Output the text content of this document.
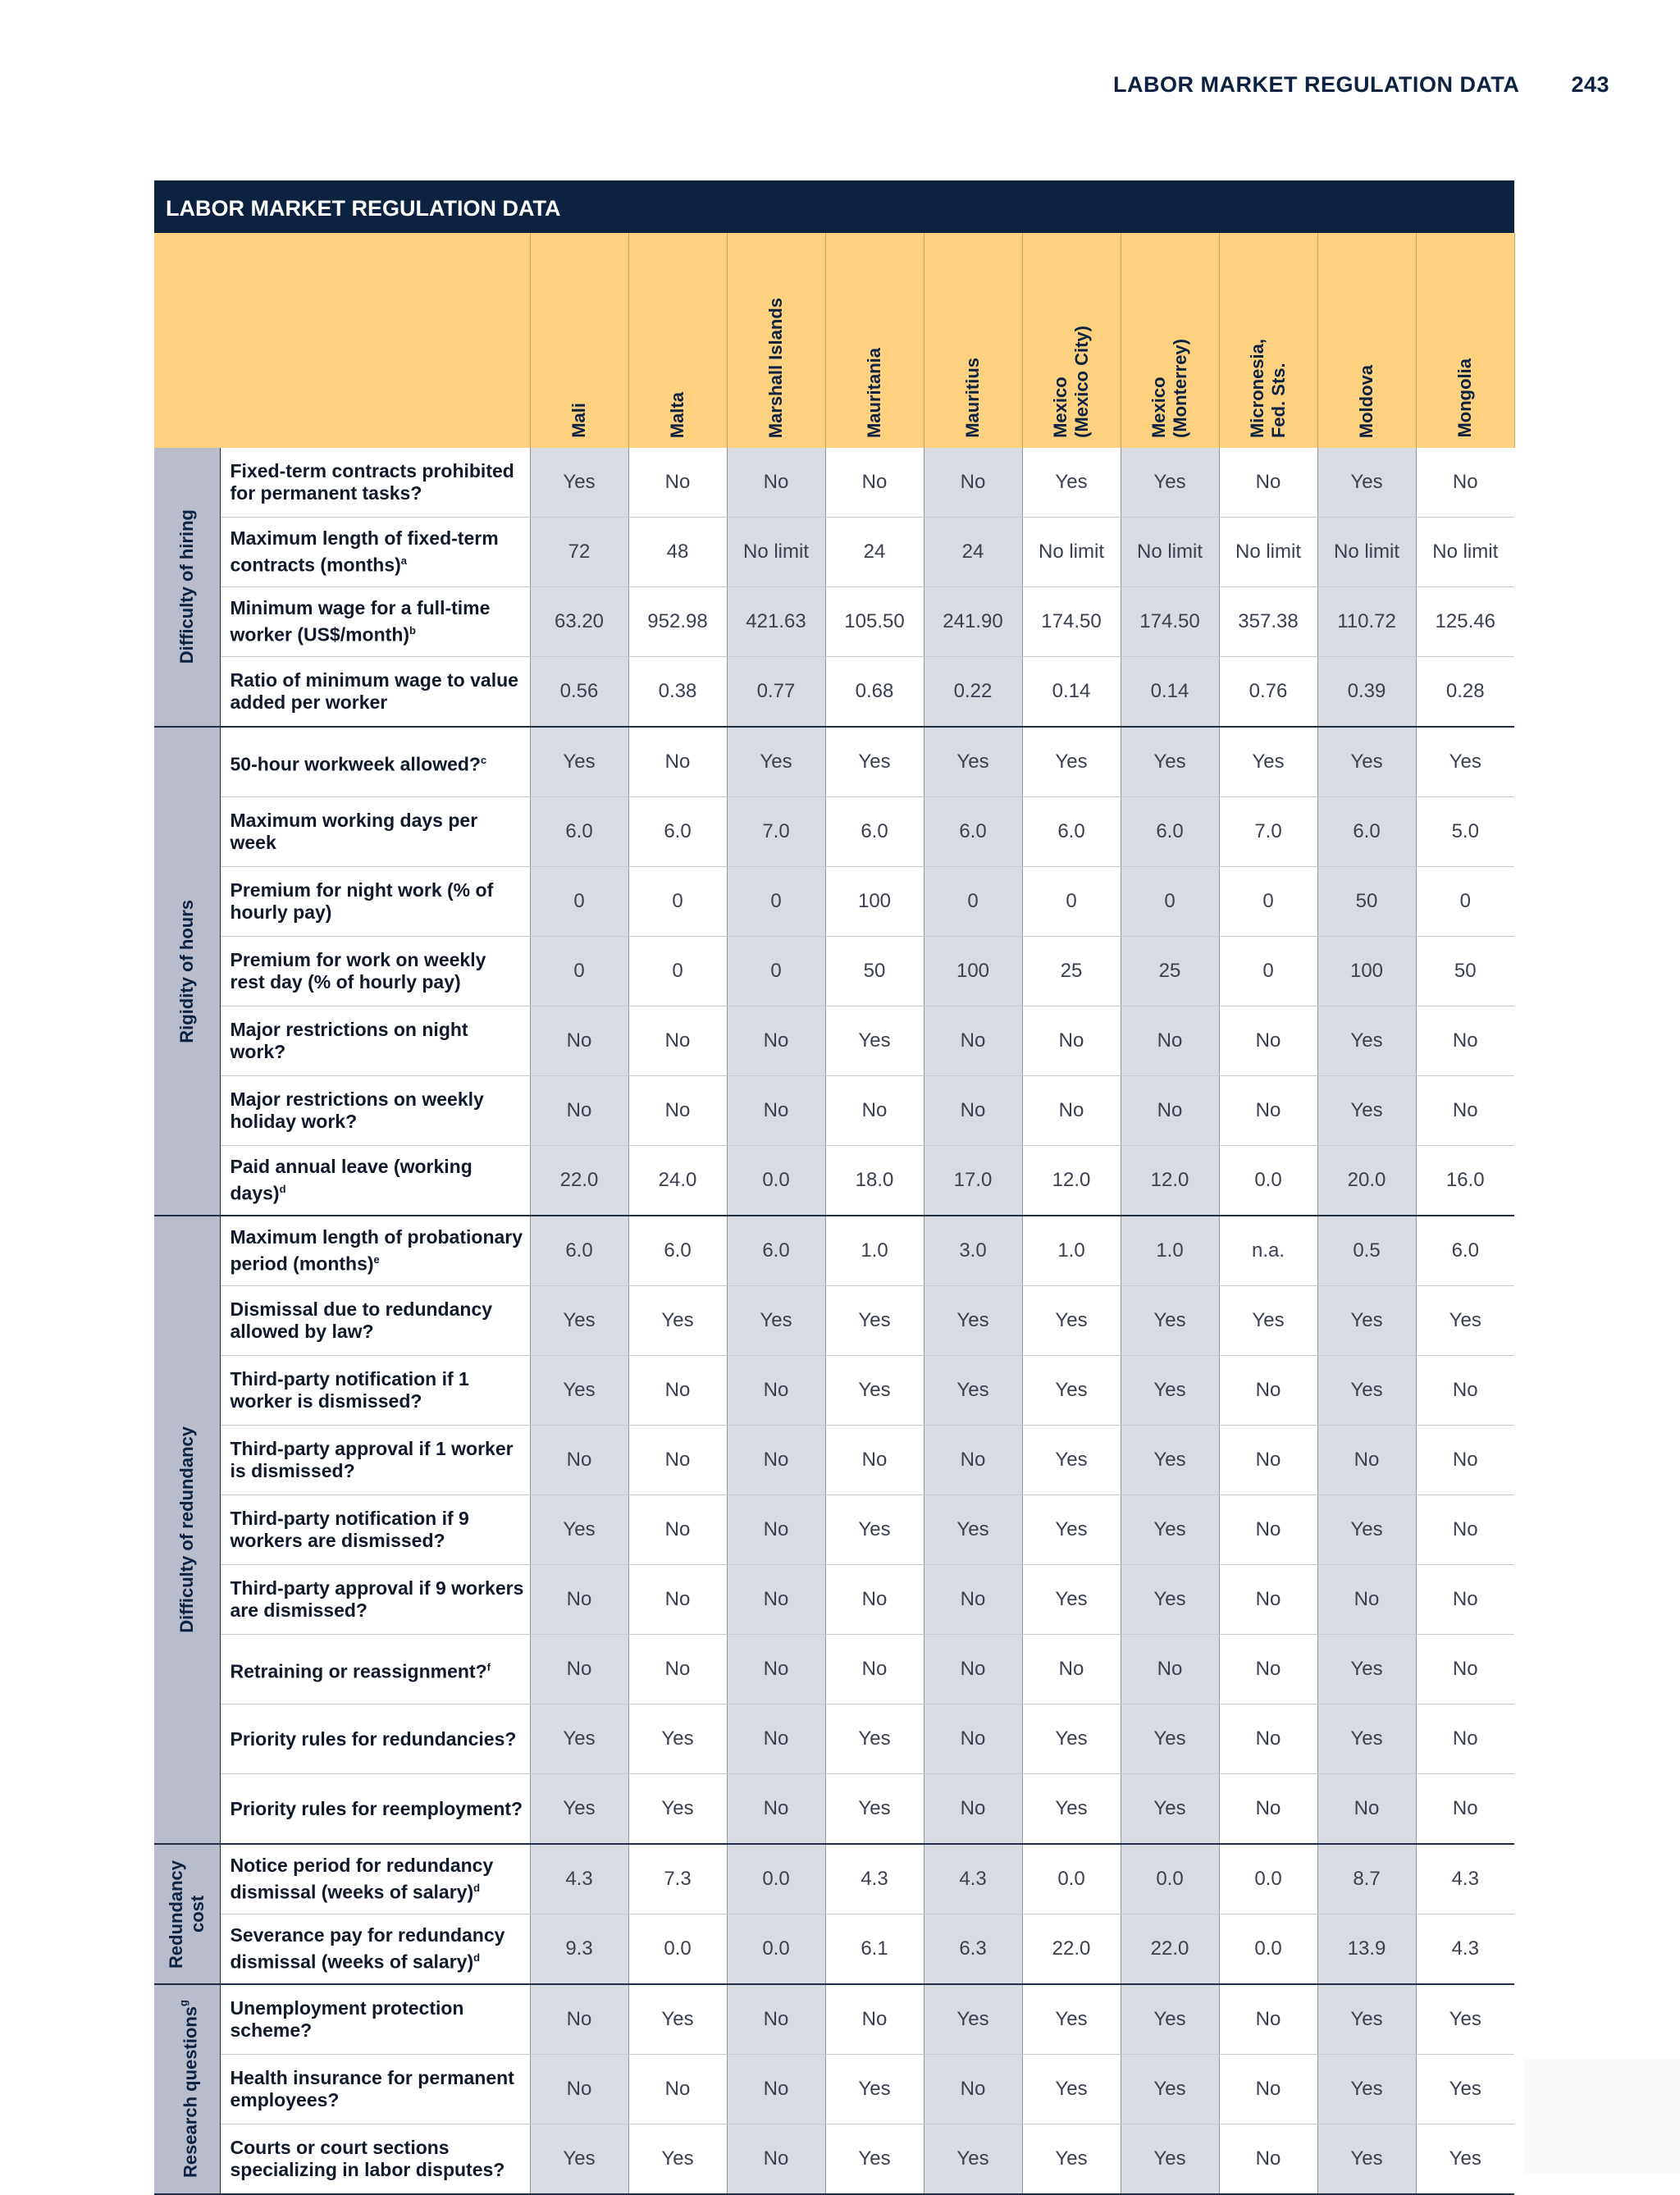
LABOR MARKET REGULATION DATA 243
LABOR MARKET REGULATION DATA

		Mali	Malta	Marshall Islands	Mauritania	Mauritius	Mexico
(Mexico City)	Mexico
(Monterrey)	Micronesia,
Fed. Sts.	Moldova	Mongolia

Difficulty of hiring	Fixed-term contracts prohibited for permanent tasks?	Yes	No	No	No	No	Yes	Yes	No	Yes	No
	Maximum length of fixed-term contracts (months)$^a$	72	48	No limit	24	24	No limit	No limit	No limit	No limit	No limit
	Minimum wage for a full-time worker (US$/month)$^b$	63.20	952.98	421.63	105.50	241.90	174.50	174.50	357.38	110.72	125.46
	Ratio of minimum wage to value added per worker	0.56	0.38	0.77	0.68	0.22	0.14	0.14	0.76	0.39	0.28

Rigidity of hours	50-hour workweek allowed?$^c$	Yes	No	Yes	Yes	Yes	Yes	Yes	Yes	Yes	Yes
	Maximum working days per week	6.0	6.0	7.0	6.0	6.0	6.0	6.0	7.0	6.0	5.0
	Premium for night work (% of hourly pay)	0	0	0	100	0	0	0	0	50	0
	Premium for work on weekly rest day (% of hourly pay)	0	0	0	50	100	25	25	0	100	50
	Major restrictions on night work?	No	No	No	Yes	No	No	No	No	Yes	No
	Major restrictions on weekly holiday work?	No	No	No	No	No	No	No	No	Yes	No
	Paid annual leave (working days)$^d$	22.0	24.0	0.0	18.0	17.0	12.0	12.0	0.0	20.0	16.0

Difficulty of redundancy	Maximum length of probationary period (months)$^e$	6.0	6.0	6.0	1.0	3.0	1.0	1.0	n.a.	0.5	6.0
	Dismissal due to redundancy allowed by law?	Yes	Yes	Yes	Yes	Yes	Yes	Yes	Yes	Yes	Yes
	Third-party notification if 1 worker is dismissed?	Yes	No	No	Yes	Yes	Yes	Yes	No	Yes	No
	Third-party approval if 1 worker is dismissed?	No	No	No	No	No	Yes	Yes	No	No	No
	Third-party notification if 9 workers are dismissed?	Yes	No	No	Yes	Yes	Yes	Yes	No	Yes	No
	Third-party approval if 9 workers are dismissed?	No	No	No	No	No	Yes	Yes	No	No	No
	Retraining or reassignment?$^f$	No	No	No	No	No	No	No	No	Yes	No
	Priority rules for redundancies?	Yes	Yes	No	Yes	No	Yes	Yes	No	Yes	No
	Priority rules for reemployment?	Yes	Yes	No	Yes	No	Yes	Yes	No	No	No

Redundancy cost	Notice period for redundancy dismissal (weeks of salary)$^d$	4.3	7.3	0.0	4.3	4.3	0.0	0.0	0.0	8.7	4.3
	Severance pay for redundancy dismissal (weeks of salary)$^d$	9.3	0.0	0.0	6.1	6.3	22.0	22.0	0.0	13.9	4.3

Research questions$^g$	Unemployment protection scheme?	No	Yes	No	No	Yes	Yes	Yes	No	Yes	Yes
	Health insurance for permanent employees?	No	No	No	Yes	No	Yes	Yes	No	Yes	Yes
	Courts or court sections specializing in labor disputes?	Yes	Yes	No	Yes	Yes	Yes	Yes	No	Yes	Yes
